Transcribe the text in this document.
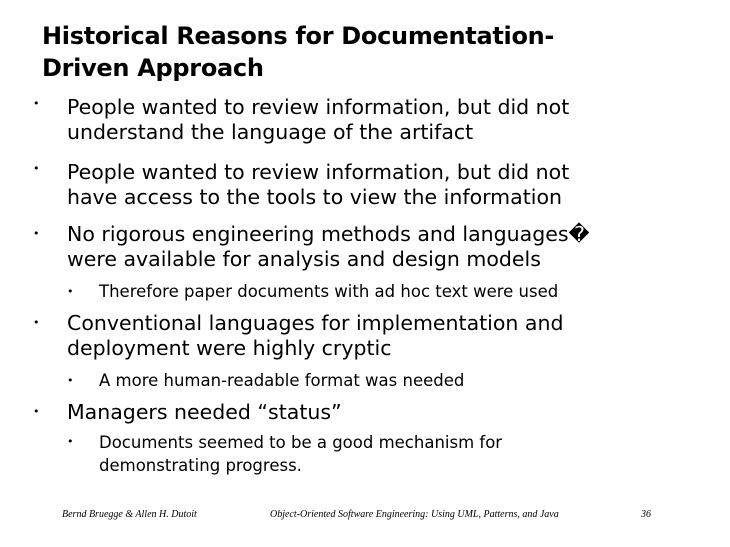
Historical Reasons for Documentation-
Driven Approach
• People wanted to review information, but did not
understand the language of the artifact
• People wanted to review information, but did not
have access to the tools to view the information
• No rigorous engineering methods and languages�
were available for analysis and design models
• Therefore paper documents with ad hoc text were used
• Conventional languages for implementation and
deployment were highly cryptic
• A more human-readable format was needed
• Managers needed “status”
• Documents seemed to be a good mechanism for
demonstrating progress.
Bernd Bruegge & Allen H. Dutoit	Object-Oriented Software Engineering: Using UML, Patterns, and Java	36
